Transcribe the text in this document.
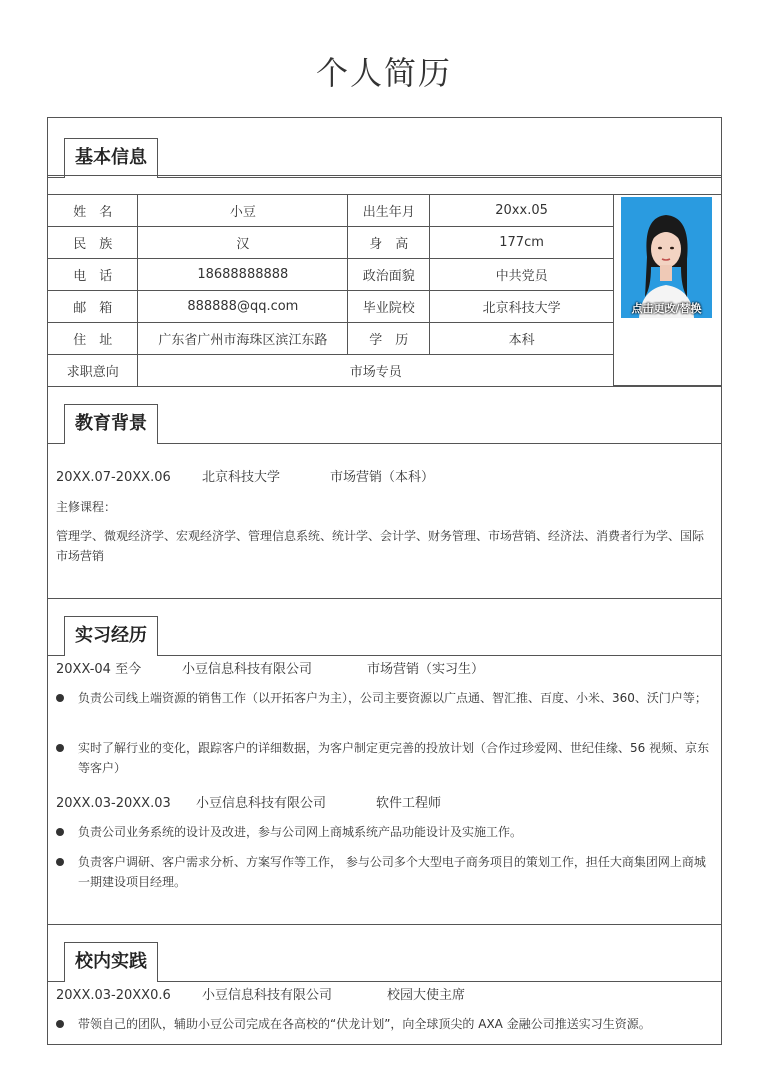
个人简历
基本信息
姓　名	小豆	出生年月	20xx.05
民　族	汉	身　高	177cm
电　话	18688888888	政治面貌	中共党员
邮　箱	888888@qq.com	毕业院校	北京科技大学
住　址	广东省广州市海珠区滨江东路	学　历	本科
求职意向	市场专员		
点击更改/替换
教育背景
20XX.07-20XX.06 北京科技大学	市场营销（本科）
主修课程：
管理学、微观经济学、宏观经济学、管理信息系统、统计学、会计学、财务管理、市场营销、经济法、消费者行为学、国际市场营销
实习经历
20XX-04 至今	小豆信息科技有限公司	市场营销（实习生）
负责公司线上端资源的销售工作（以开拓客户为主），公司主要资源以广点通、智汇推、百度、小米、360、沃门户等；
实时了解行业的变化，跟踪客户的详细数据，为客户制定更完善的投放计划（合作过珍爱网、世纪佳缘、56 视频、京东等客户）
20XX.03-20XX.03 小豆信息科技有限公司	软件工程师
负责公司业务系统的设计及改进，参与公司网上商城系统产品功能设计及实施工作。
负责客户调研、客户需求分析、方案写作等工作， 参与公司多个大型电子商务项目的策划工作，担任大商集团网上商城一期建设项目经理。
校内实践
20XX.03-20XX0.6 小豆信息科技有限公司	校园大使主席
带领自己的团队，辅助小豆公司完成在各高校的“伏龙计划”，向全球顶尖的 AXA 金融公司推送实习生资源。
